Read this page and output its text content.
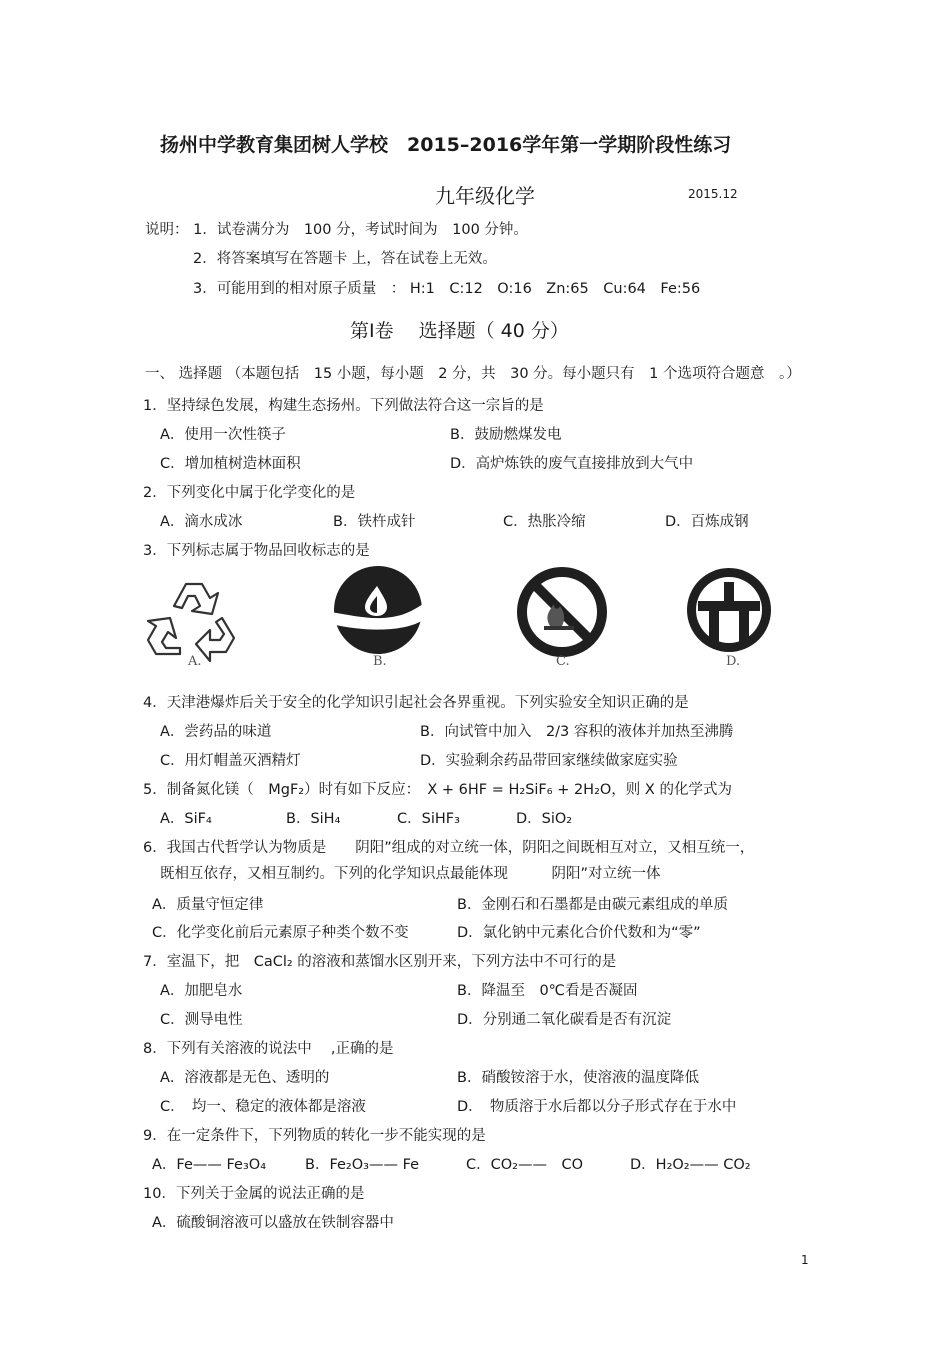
扬州中学教育集团树人学校　2015–2016学年第一学期阶段性练习
九年级化学	2015.12
说明： 1．试卷满分为　100 分，考试时间为　100 分钟。
2．将答案填写在答题卡 上，答在试卷上无效。
3．可能用到的相对原子质量　： H:1　C:12　O:16　Zn:65　Cu:64　Fe:56
第Ⅰ卷　 选择题（ 40 分）
一、 选择题 （本题包括　15 小题，每小题　2 分，共　30 分。每小题只有　1 个选项符合题意　。）
1．坚持绿色发展，构建生态扬州。下列做法符合这一宗旨的是
A．使用一次性筷子	B．鼓励燃煤发电
C．增加植树造林面积	D．高炉炼铁的废气直接排放到大气中
2．下列变化中属于化学变化的是
A．滴水成冰	B．铁杵成针	C．热胀冷缩	D．百炼成钢
3．下列标志属于物品回收标志的是
A.	B.	C.	D.
4．天津港爆炸后关于安全的化学知识引起社会各界重视。下列实验安全知识正确的是
A．尝药品的味道	B．向试管中加入　2/3 容积的液体并加热至沸腾
C．用灯帽盖灭酒精灯	D．实验剩余药品带回家继续做家庭实验
5．制备氮化镁（　MgF₂）时有如下反应：　X + 6HF = H₂SiF₆ + 2H₂O，则 X 的化学式为
A．SiF₄	B．SiH₄	C．SiHF₃	D．SiO₂
6．我国古代哲学认为物质是　　阴阳”组成的对立统一体，阴阳之间既相互对立，又相互统一，
既相互依存，又相互制约。下列的化学知识点最能体现　　　阴阳”对立统一体
A．质量守恒定律	B．金刚石和石墨都是由碳元素组成的单质
C．化学变化前后元素原子种类个数不变	D．氯化钠中元素化合价代数和为“零”
7．室温下，把　CaCl₂ 的溶液和蒸馏水区别开来，下列方法中不可行的是
A．加肥皂水	B．降温至　0℃看是否凝固
C．测导电性	D．分别通二氧化碳看是否有沉淀
8．下列有关溶液的说法中　 ,正确的是
A．溶液都是无色、透明的	B．硝酸铵溶于水，使溶液的温度降低
C．　均一、稳定的液体都是溶液	D．　物质溶于水后都以分子形式存在于水中
9．在一定条件下，下列物质的转化一步不能实现的是
A．Fe—— Fe₃O₄	B．Fe₂O₃—— Fe	C．CO₂——　CO	D．H₂O₂—— CO₂
10．下列关于金属的说法正确的是
A．硫酸铜溶液可以盛放在铁制容器中
1
